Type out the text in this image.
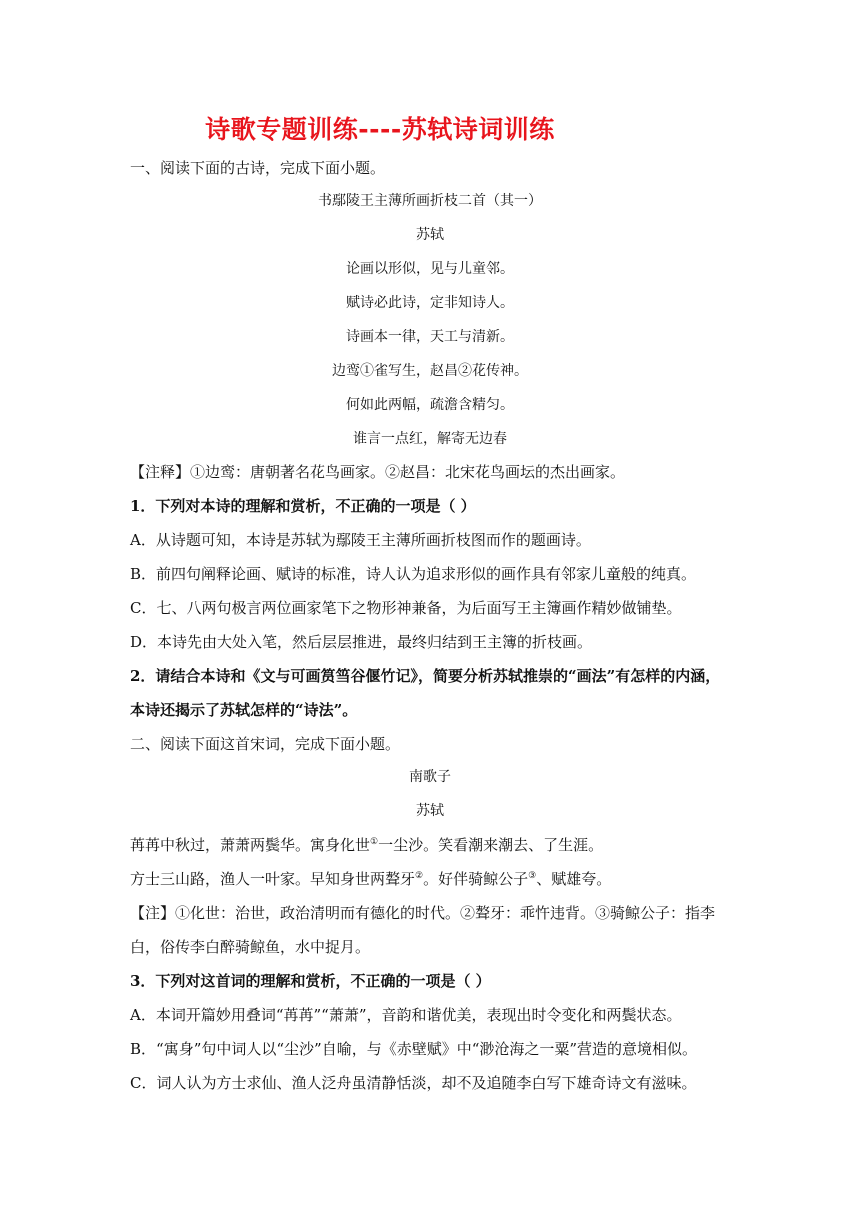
诗歌专题训练----苏轼诗词训练
一、阅读下面的古诗，完成下面小题。
书鄢陵王主薄所画折枝二首（其一）
苏轼
论画以形似，见与儿童邻。
赋诗必此诗，定非知诗人。
诗画本一律，天工与清新。
边鸾①雀写生，赵昌②花传神。
何如此两幅，疏澹含精匀。
谁言一点红，解寄无边春
【注释】①边鸾：唐朝著名花鸟画家。②赵昌：北宋花鸟画坛的杰出画家。
1．下列对本诗的理解和赏析，不正确的一项是（ ）
A．从诗题可知，本诗是苏轼为鄢陵王主薄所画折枝图而作的题画诗。
B．前四句阐释论画、赋诗的标准，诗人认为追求形似的画作具有邻家儿童般的纯真。
C．七、八两句极言两位画家笔下之物形神兼备，为后面写王主簿画作精妙做铺垫。
D．本诗先由大处入笔，然后层层推进，最终归结到王主簿的折枝画。
2．请结合本诗和《文与可画筼筜谷偃竹记》，简要分析苏轼推崇的“画法”有怎样的内涵，
本诗还揭示了苏轼怎样的“诗法”。
二、阅读下面这首宋词，完成下面小题。
南歌子
苏轼
苒苒中秋过，萧萧两鬓华。寓身化世①一尘沙。笑看潮来潮去、了生涯。
方士三山路，渔人一叶家。早知身世两聱牙②。好伴骑鲸公子③、赋雄夸。
【注】①化世：治世，政治清明而有德化的时代。②聱牙：乖忤违背。③骑鲸公子：指李
白，俗传李白醉骑鲸鱼，水中捉月。
3．下列对这首词的理解和赏析，不正确的一项是（ ）
A．本词开篇妙用叠词“苒苒”“萧萧”，音韵和谐优美，表现出时令变化和两鬓状态。
B．“寓身”句中词人以“尘沙”自喻，与《赤壁赋》中“渺沧海之一粟”营造的意境相似。
C．词人认为方士求仙、渔人泛舟虽清静恬淡，却不及追随李白写下雄奇诗文有滋味。
